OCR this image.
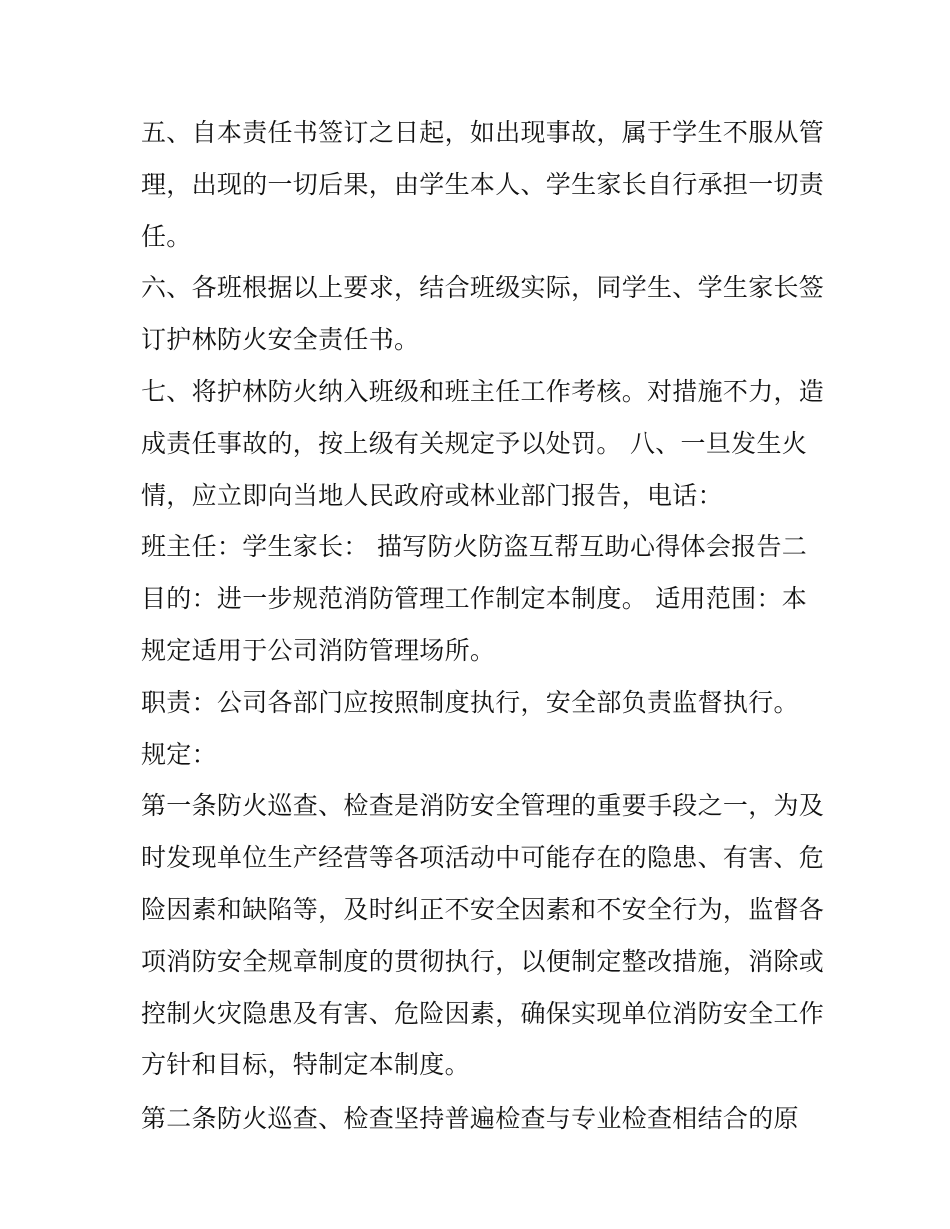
五、自本责任书签订之日起，如出现事故，属于学生不服从管
理，出现的一切后果，由学生本人、学生家长自行承担一切责
任。
六、各班根据以上要求，结合班级实际，同学生、学生家长签
订护林防火安全责任书。
七、将护林防火纳入班级和班主任工作考核。对措施不力，造
成责任事故的，按上级有关规定予以处罚。 八、一旦发生火
情，应立即向当地人民政府或林业部门报告，电话：
班主任：学生家长： 描写防火防盗互帮互助心得体会报告二
目的：进一步规范消防管理工作制定本制度。 适用范围：本
规定适用于公司消防管理场所。
职责：公司各部门应按照制度执行，安全部负责监督执行。
规定：
第一条防火巡查、检查是消防安全管理的重要手段之一，为及
时发现单位生产经营等各项活动中可能存在的隐患、有害、危
险因素和缺陷等，及时纠正不安全因素和不安全行为，监督各
项消防安全规章制度的贯彻执行，以便制定整改措施，消除或
控制火灾隐患及有害、危险因素，确保实现单位消防安全工作
方针和目标，特制定本制度。
第二条防火巡查、检查坚持普遍检查与专业检查相结合的原
